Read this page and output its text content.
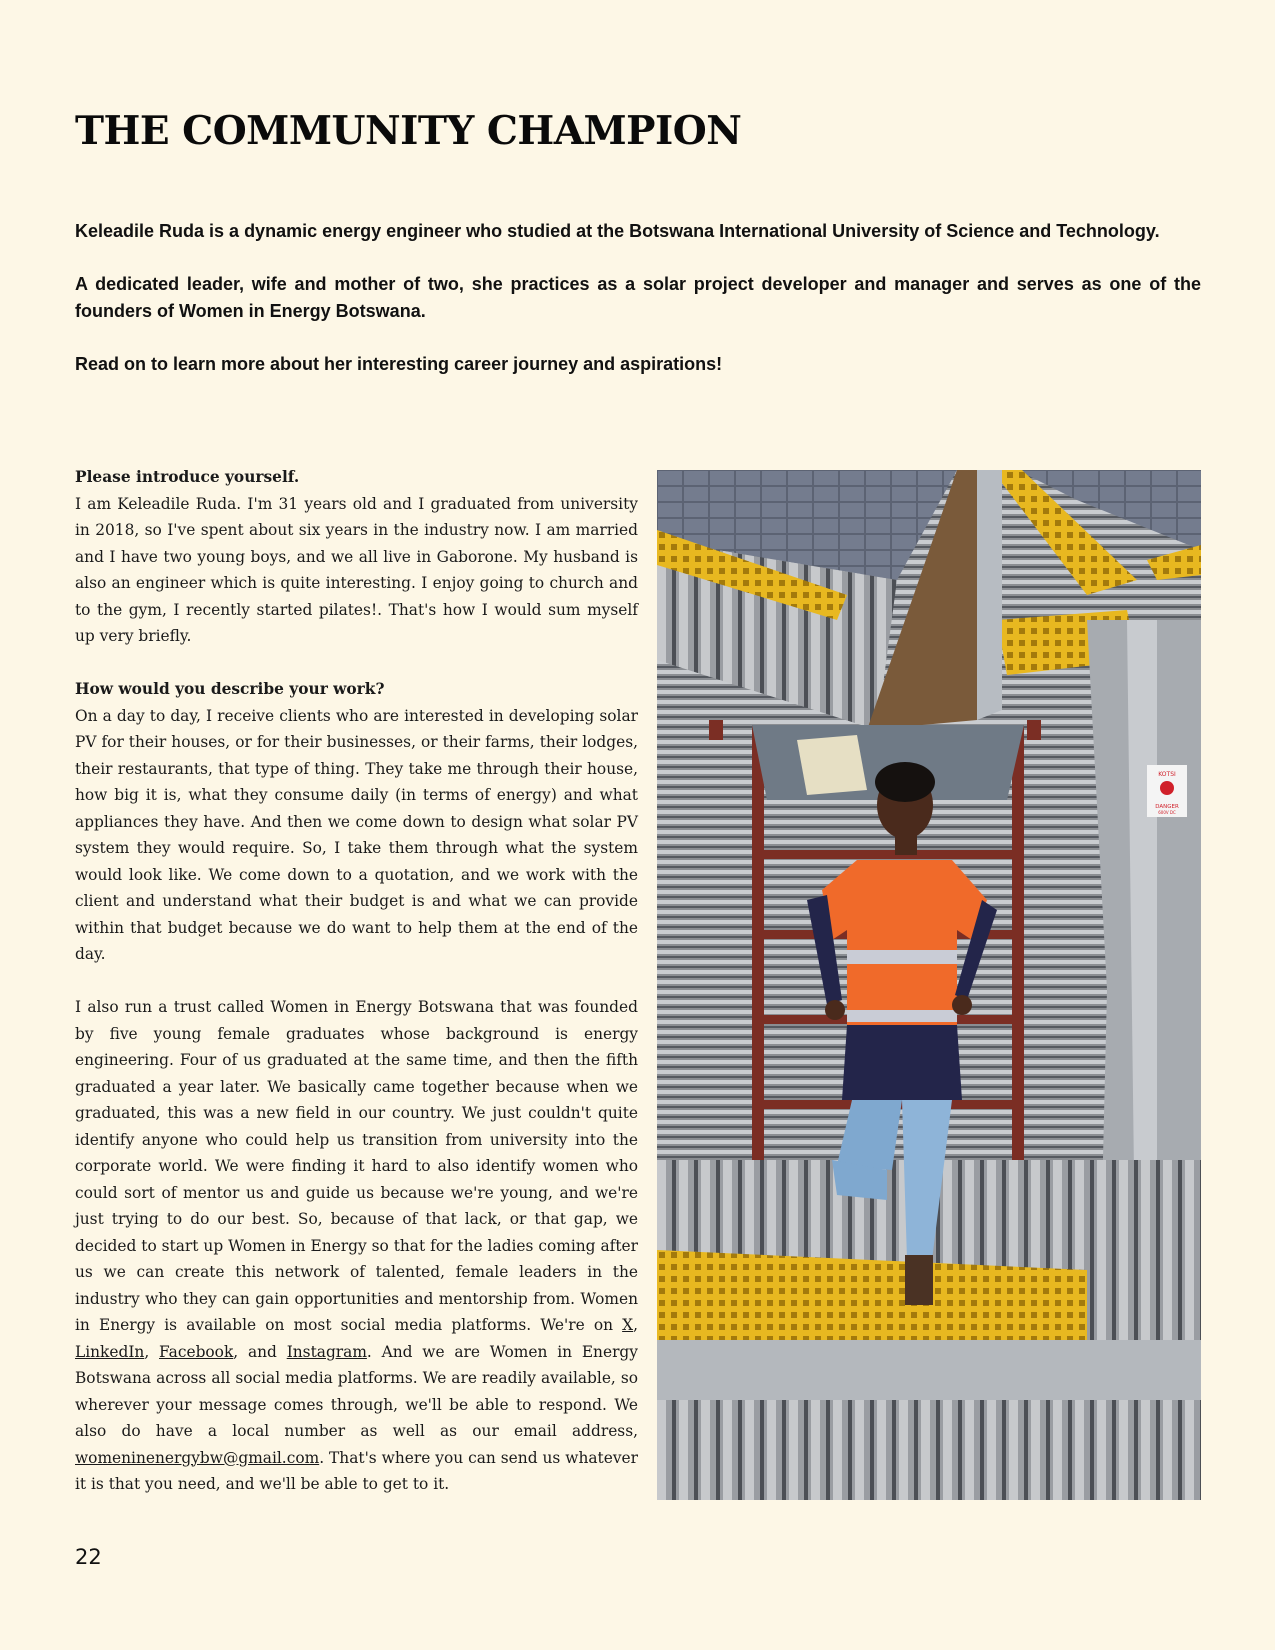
THE COMMUNITY CHAMPION

Keleadile Ruda is a dynamic energy engineer who studied at the Botswana International University of Science and Technology.

A dedicated leader, wife and mother of two, she practices as a solar project developer and manager and serves as one of the founders of Women in Energy Botswana.

Read on to learn more about her interesting career journey and aspirations!

Please introduce yourself.

I am Keleadile Ruda. I'm 31 years old and I graduated from university in 2018, so I've spent about six years in the industry now. I am married and I have two young boys, and we all live in Gaborone. My husband is also an engineer which is quite interesting. I enjoy going to church and to the gym, I recently started pilates!. That's how I would sum myself up very briefly.

How would you describe your work?

On a day to day, I receive clients who are interested in developing solar PV for their houses, or for their businesses, or their farms, their lodges, their restaurants, that type of thing. They take me through their house, how big it is, what they consume daily (in terms of energy) and what appliances they have. And then we come down to design what solar PV system they would require. So, I take them through what the system would look like. We come down to a quotation, and we work with the client and understand what their budget is and what we can provide within that budget because we do want to help them at the end of the day.

I also run a trust called Women in Energy Botswana that was founded by five young female graduates whose background is energy engineering. Four of us graduated at the same time, and then the fifth graduated a year later. We basically came together because when we graduated, this was a new field in our country. We just couldn't quite identify anyone who could help us transition from university into the corporate world. We were finding it hard to also identify women who could sort of mentor us and guide us because we're young, and we're just trying to do our best. So, because of that lack, or that gap, we decided to start up Women in Energy so that for the ladies coming after us we can create this network of talented, female leaders in the industry who they can gain opportunities and mentorship from. Women in Energy is available on most social media platforms. We're on X, LinkedIn, Facebook, and Instagram. And we are Women in Energy Botswana across all social media platforms. We are readily available, so wherever your message comes through, we'll be able to respond. We also do have a local number as well as our email address, womeninenergybw@gmail.com. That's where you can send us whatever it is that you need, and we'll be able to get to it.

KOTSI
DANGER
600V DC
22
